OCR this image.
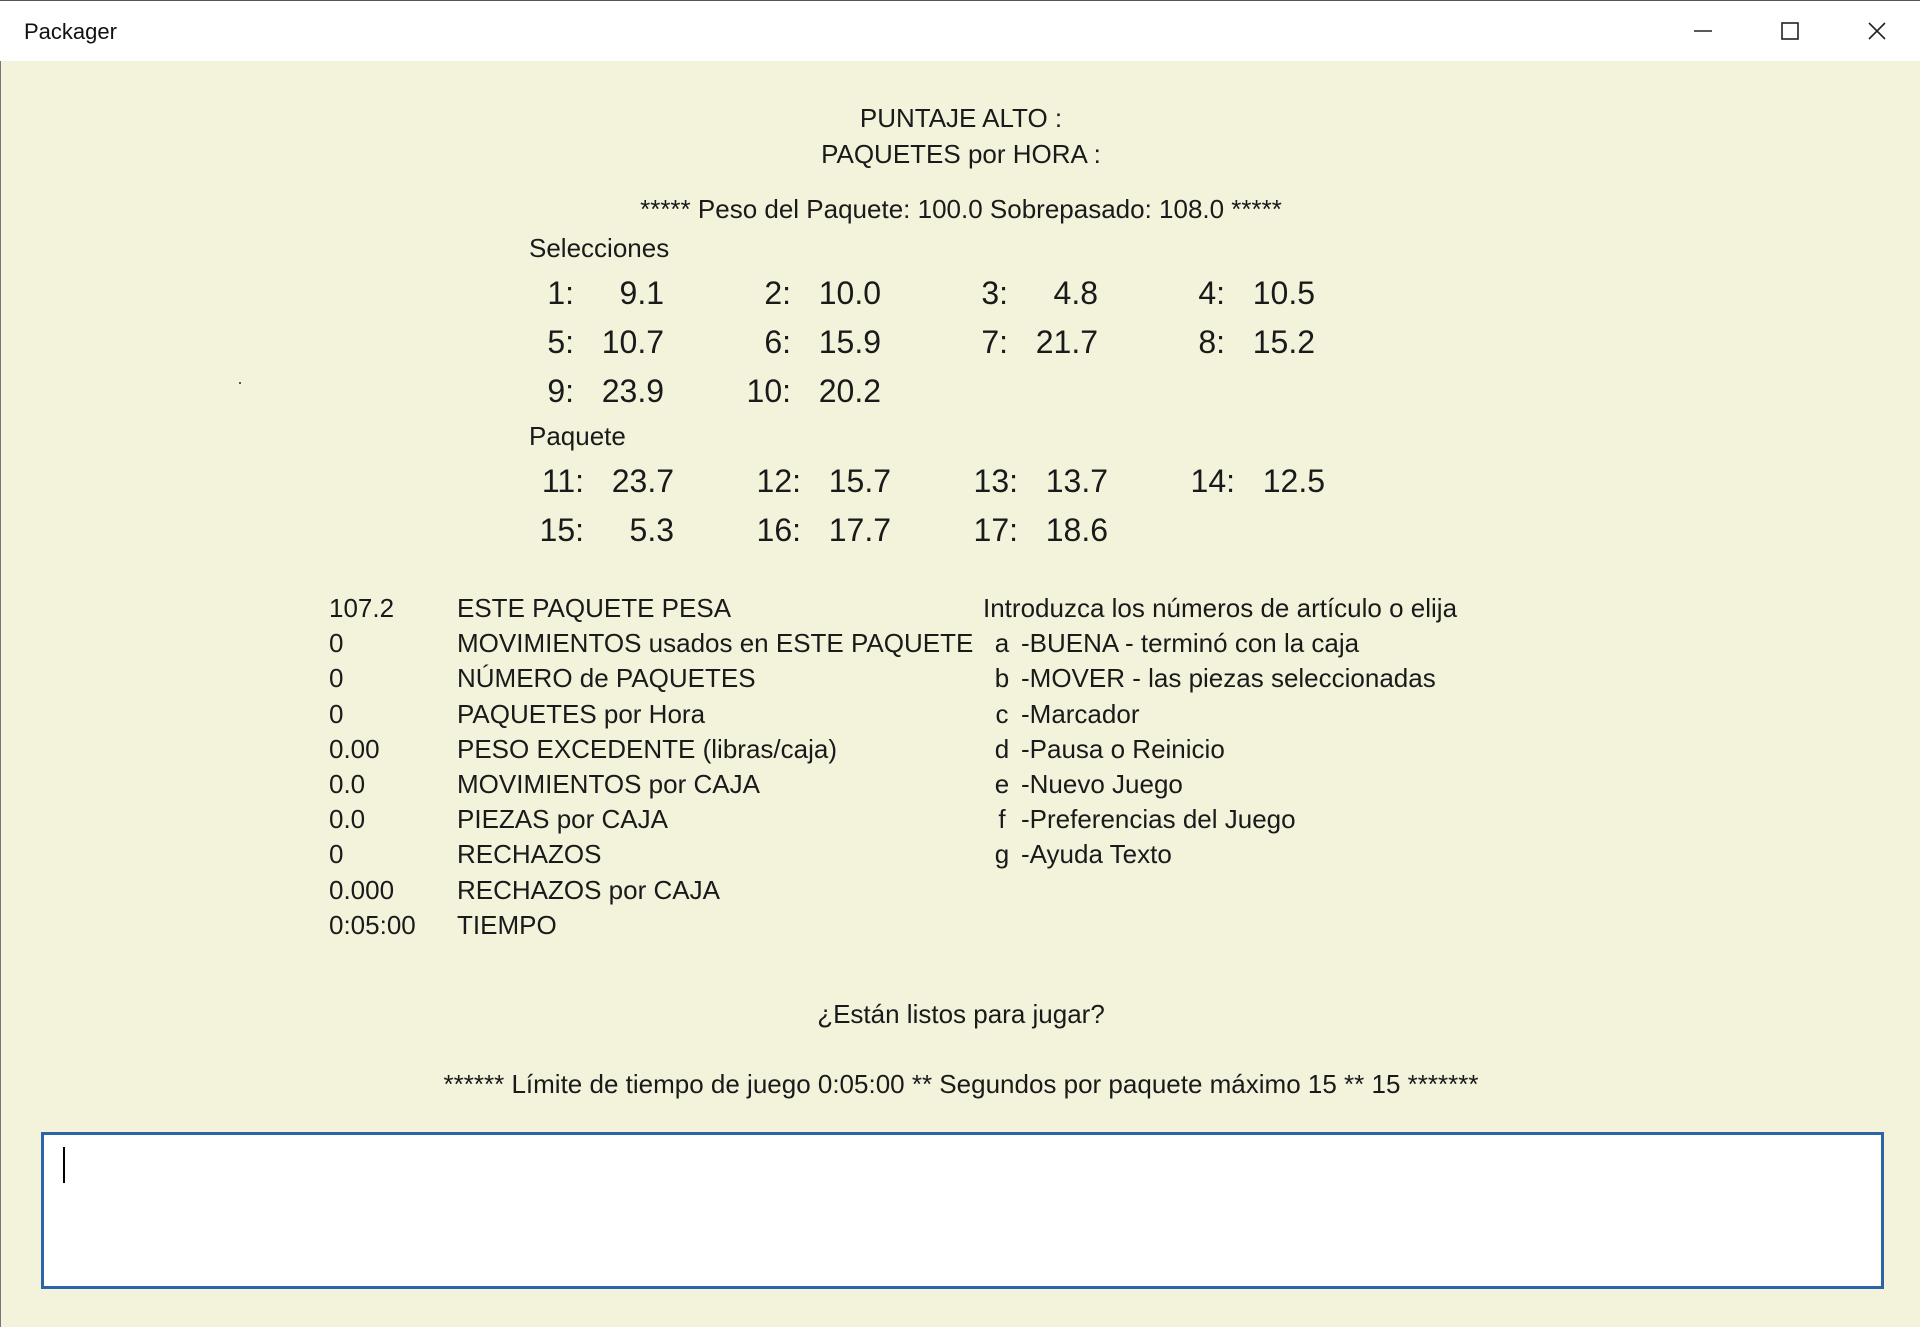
Packager
PUNTAJE ALTO :
PAQUETES por HORA :
***** Peso del Paquete: 100.0 Sobrepasado: 108.0 *****
Selecciones
1: 9.1	2: 10.0	3: 4.8	4: 10.5
5: 10.7	6: 15.9	7: 21.7	8: 15.2
9: 23.9	10: 20.2
Paquete
11: 23.7	12: 15.7	13: 13.7	14: 12.5
15: 5.3	16: 17.7	17: 18.6
107.2	ESTE PAQUETE PESA
0	MOVIMIENTOS usados en ESTE PAQUETE
0	NÚMERO de PAQUETES
0	PAQUETES por Hora
0.00	PESO EXCEDENTE (libras/caja)
0.0	MOVIMIENTOS por CAJA
0.0	PIEZAS por CAJA
0	RECHAZOS
0.000	RECHAZOS por CAJA
0:05:00	TIEMPO
Introduzca los números de artículo o elija
a -BUENA - terminó con la caja
b -MOVER - las piezas seleccionadas
c -Marcador
d -Pausa o Reinicio
e -Nuevo Juego
f -Preferencias del Juego
g -Ayuda Texto
¿Están listos para jugar?
****** Límite de tiempo de juego 0:05:00 ** Segundos por paquete máximo 15 ** 15 *******
